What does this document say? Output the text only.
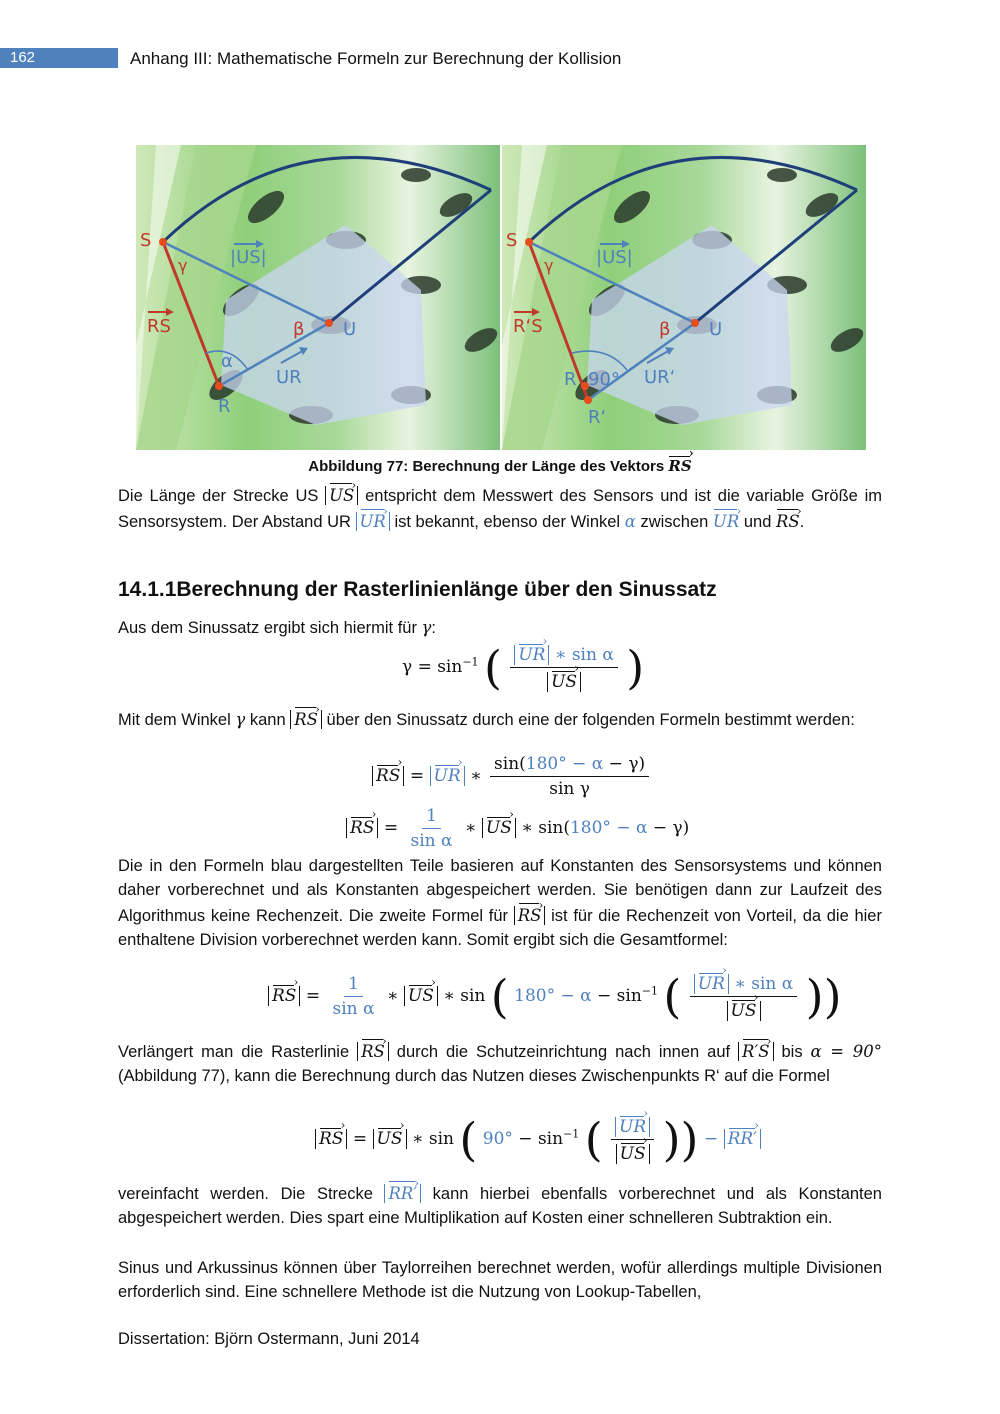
162	Anhang III: Mathematische Formeln zur Berechnung der Kollision
S
γ |US|
RS	β U
α
UR
R
S
γ |US|
R‘S	β U
R 90° UR‘
R‘
Abbildung 77: Berechnung der Länge des Vektors RS ›
Die Länge der Strecke US US › entspricht dem Messwert des Sensors und ist die variable Größe im Sensorsystem. Der Abstand UR UR › ist bekannt, ebenso der Winkel α zwischen UR › und RS ›.
14.1.1Berechnung der Rasterlinienlänge über den Sinussatz
Aus dem Sinussatz ergibt sich hiermit für γ:
$\gamma = \sin^{-1}$ ( $\frac{\text{UR › ∗ sin α}}{US}$ › )
Mit dem Winkel γ kann RS › über den Sinussatz durch eine der folgenden Formeln bestimmt werden:
RS › = UR › ∗ $\frac{\sin(180^\circ - \alpha - \gamma)}{\text{sin γ}}$
RS › = $\frac{1}{\text{sin α}}$ ∗ US › ∗ sin(180° − α − γ)
Die in den Formeln blau dargestellten Teile basieren auf Konstanten des Sensorsystems und können daher vorberechnet und als Konstanten abgespeichert werden. Sie benötigen dann zur Laufzeit des Algorithmus keine Rechenzeit. Die zweite Formel für RS › ist für die Rechenzeit von Vorteil, da die hier enthaltene Division vorberechnet werden kann. Somit ergibt sich die Gesamtformel:
RS › = $\frac{1}{\text{sin α}}$ ∗ US › ∗ sin ( $180^\circ - \alpha - \sin^{-1}$ ( $\frac{\text{UR › ∗ sin α}}{US}$ › ))
Verlängert man die Rasterlinie RS › durch die Schutzeinrichtung nach innen auf R′S › bis α = 90° (Abbildung 77), kann die Berechnung durch das Nutzen dieses Zwischenpunkts R‘ auf die Formel
RS › = US › ∗ sin ( $90^\circ - \sin^{-1}$ ( $\frac{UR ›}{US}$ › )) − RR′ ›
vereinfacht werden. Die Strecke RR′ › kann hierbei ebenfalls vorberechnet und als Konstanten abgespeichert werden. Dies spart eine Multiplikation auf Kosten einer schnelleren Subtraktion ein.
Sinus und Arkussinus können über Taylorreihen berechnet werden, wofür allerdings multiple Divisionen erforderlich sind. Eine schnellere Methode ist die Nutzung von Lookup-Tabellen,
Dissertation: Björn Ostermann, Juni 2014
